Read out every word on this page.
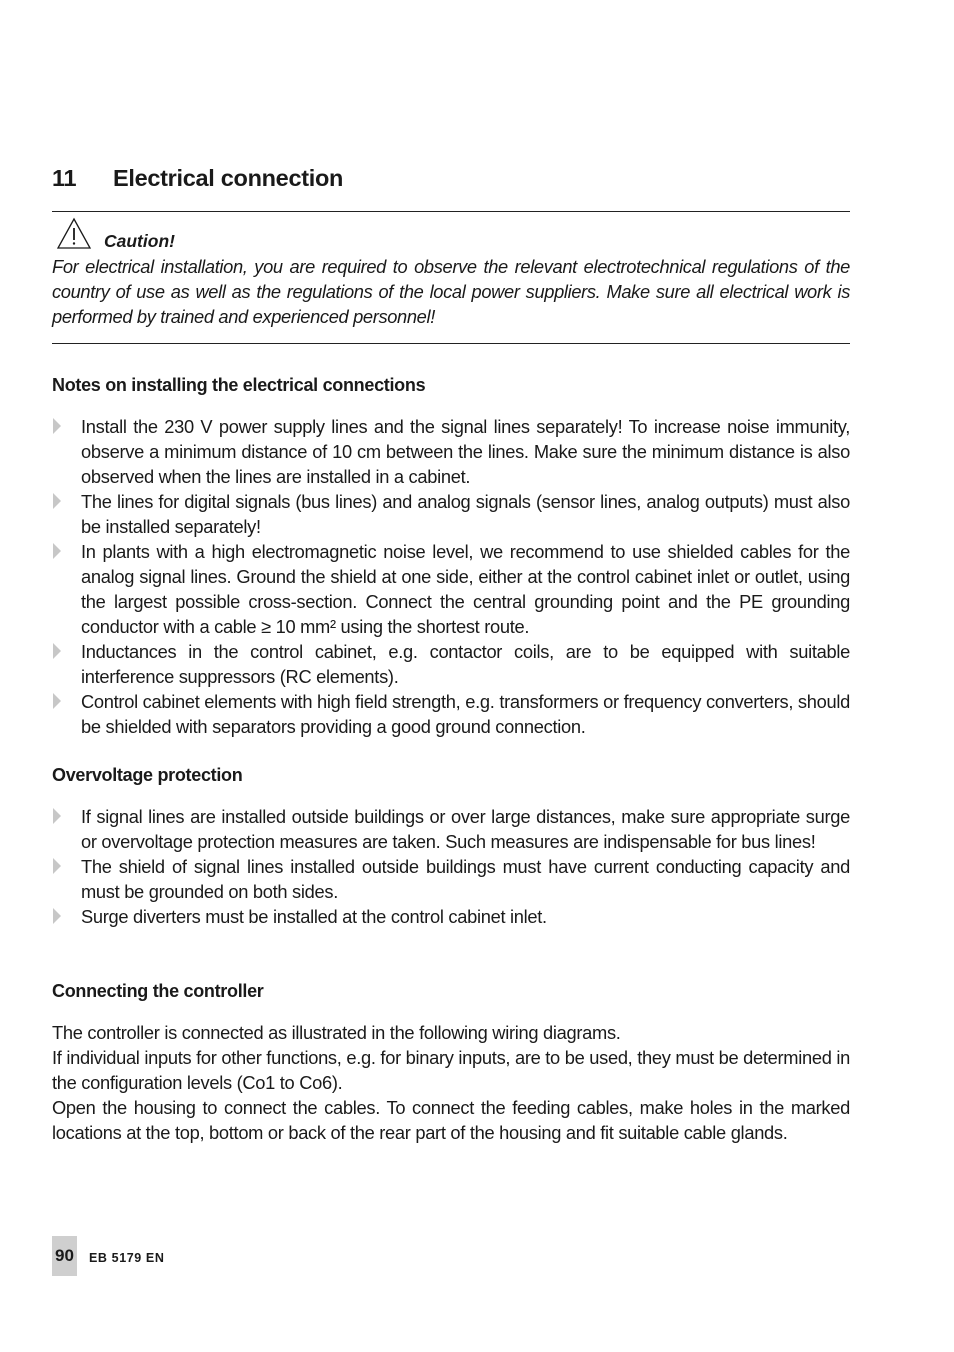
11 Electrical connection
Caution!
For electrical installation, you are required to observe the relevant electrotechnical regulations of the country of use as well as the regulations of the local power suppliers. Make sure all electrical work is performed by trained and experienced personnel!
Notes on installing the electrical connections
Install the 230 V power supply lines and the signal lines separately! To increase noise immunity, observe a minimum distance of 10 cm between the lines. Make sure the minimum distance is also observed when the lines are installed in a cabinet.
The lines for digital signals (bus lines) and analog signals (sensor lines, analog outputs) must also be installed separately!
In plants with a high electromagnetic noise level, we recommend to use shielded cables for the analog signal lines. Ground the shield at one side, either at the control cabinet inlet or outlet, using the largest possible cross-section. Connect the central grounding point and the PE grounding conductor with a cable ≥ 10 mm² using the shortest route.
Inductances in the control cabinet, e.g. contactor coils, are to be equipped with suitable interference suppressors (RC elements).
Control cabinet elements with high field strength, e.g. transformers or frequency converters, should be shielded with separators providing a good ground connection.
Overvoltage protection
If signal lines are installed outside buildings or over large distances, make sure appropriate surge or overvoltage protection measures are taken. Such measures are indispensable for bus lines!
The shield of signal lines installed outside buildings must have current conducting capacity and must be grounded on both sides.
Surge diverters must be installed at the control cabinet inlet.
Connecting the controller

The controller is connected as illustrated in the following wiring diagrams.

If individual inputs for other functions, e.g. for binary inputs, are to be used, they must be determined in the configuration levels (Co1 to Co6).

Open the housing to connect the cables. To connect the feeding cables, make holes in the marked locations at the top, bottom or back of the rear part of the housing and fit suitable cable glands.

90 EB 5179 EN
